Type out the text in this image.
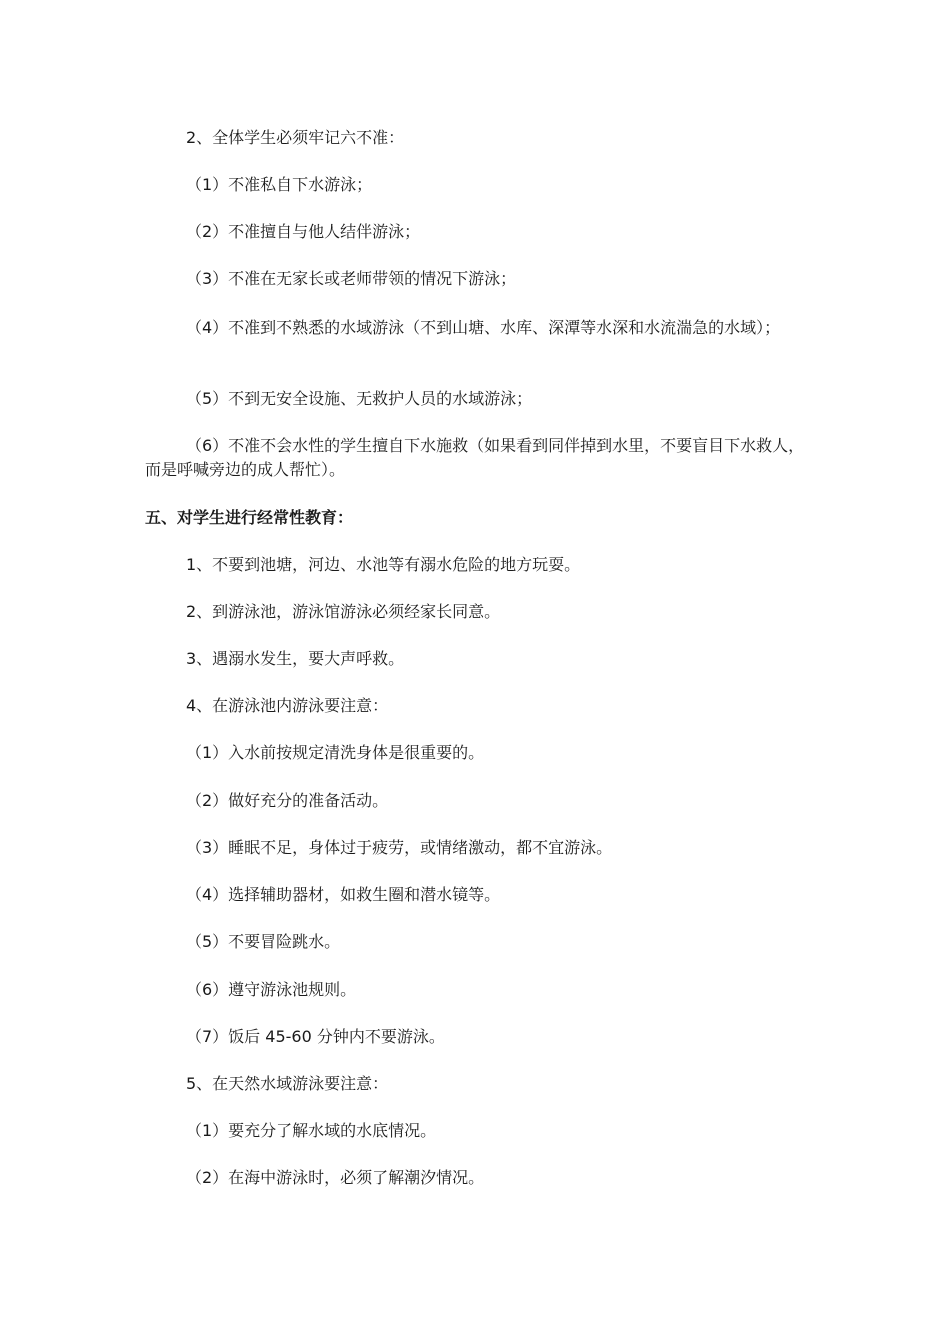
2、全体学生必须牢记六不准：

（1）不准私自下水游泳；

（2）不准擅自与他人结伴游泳；

（3）不准在无家长或老师带领的情况下游泳；

（4）不准到不熟悉的水域游泳（不到山塘、水库、深潭等水深和水流湍急的水域）；

（5）不到无安全设施、无救护人员的水域游泳；

（6）不准不会水性的学生擅自下水施救（如果看到同伴掉到水里，不要盲目下水救人，而是呼喊旁边的成人帮忙）。

五、对学生进行经常性教育：

1、不要到池塘，河边、水池等有溺水危险的地方玩耍。

2、到游泳池，游泳馆游泳必须经家长同意。

3、遇溺水发生，要大声呼救。

4、在游泳池内游泳要注意：

（1）入水前按规定清洗身体是很重要的。

（2）做好充分的准备活动。

（3）睡眠不足，身体过于疲劳，或情绪激动，都不宜游泳。

（4）选择辅助器材，如救生圈和潜水镜等。

（5）不要冒险跳水。

（6）遵守游泳池规则。

（7）饭后 45-60 分钟内不要游泳。

5、在天然水域游泳要注意：

（1）要充分了解水域的水底情况。

（2）在海中游泳时，必须了解潮汐情况。
